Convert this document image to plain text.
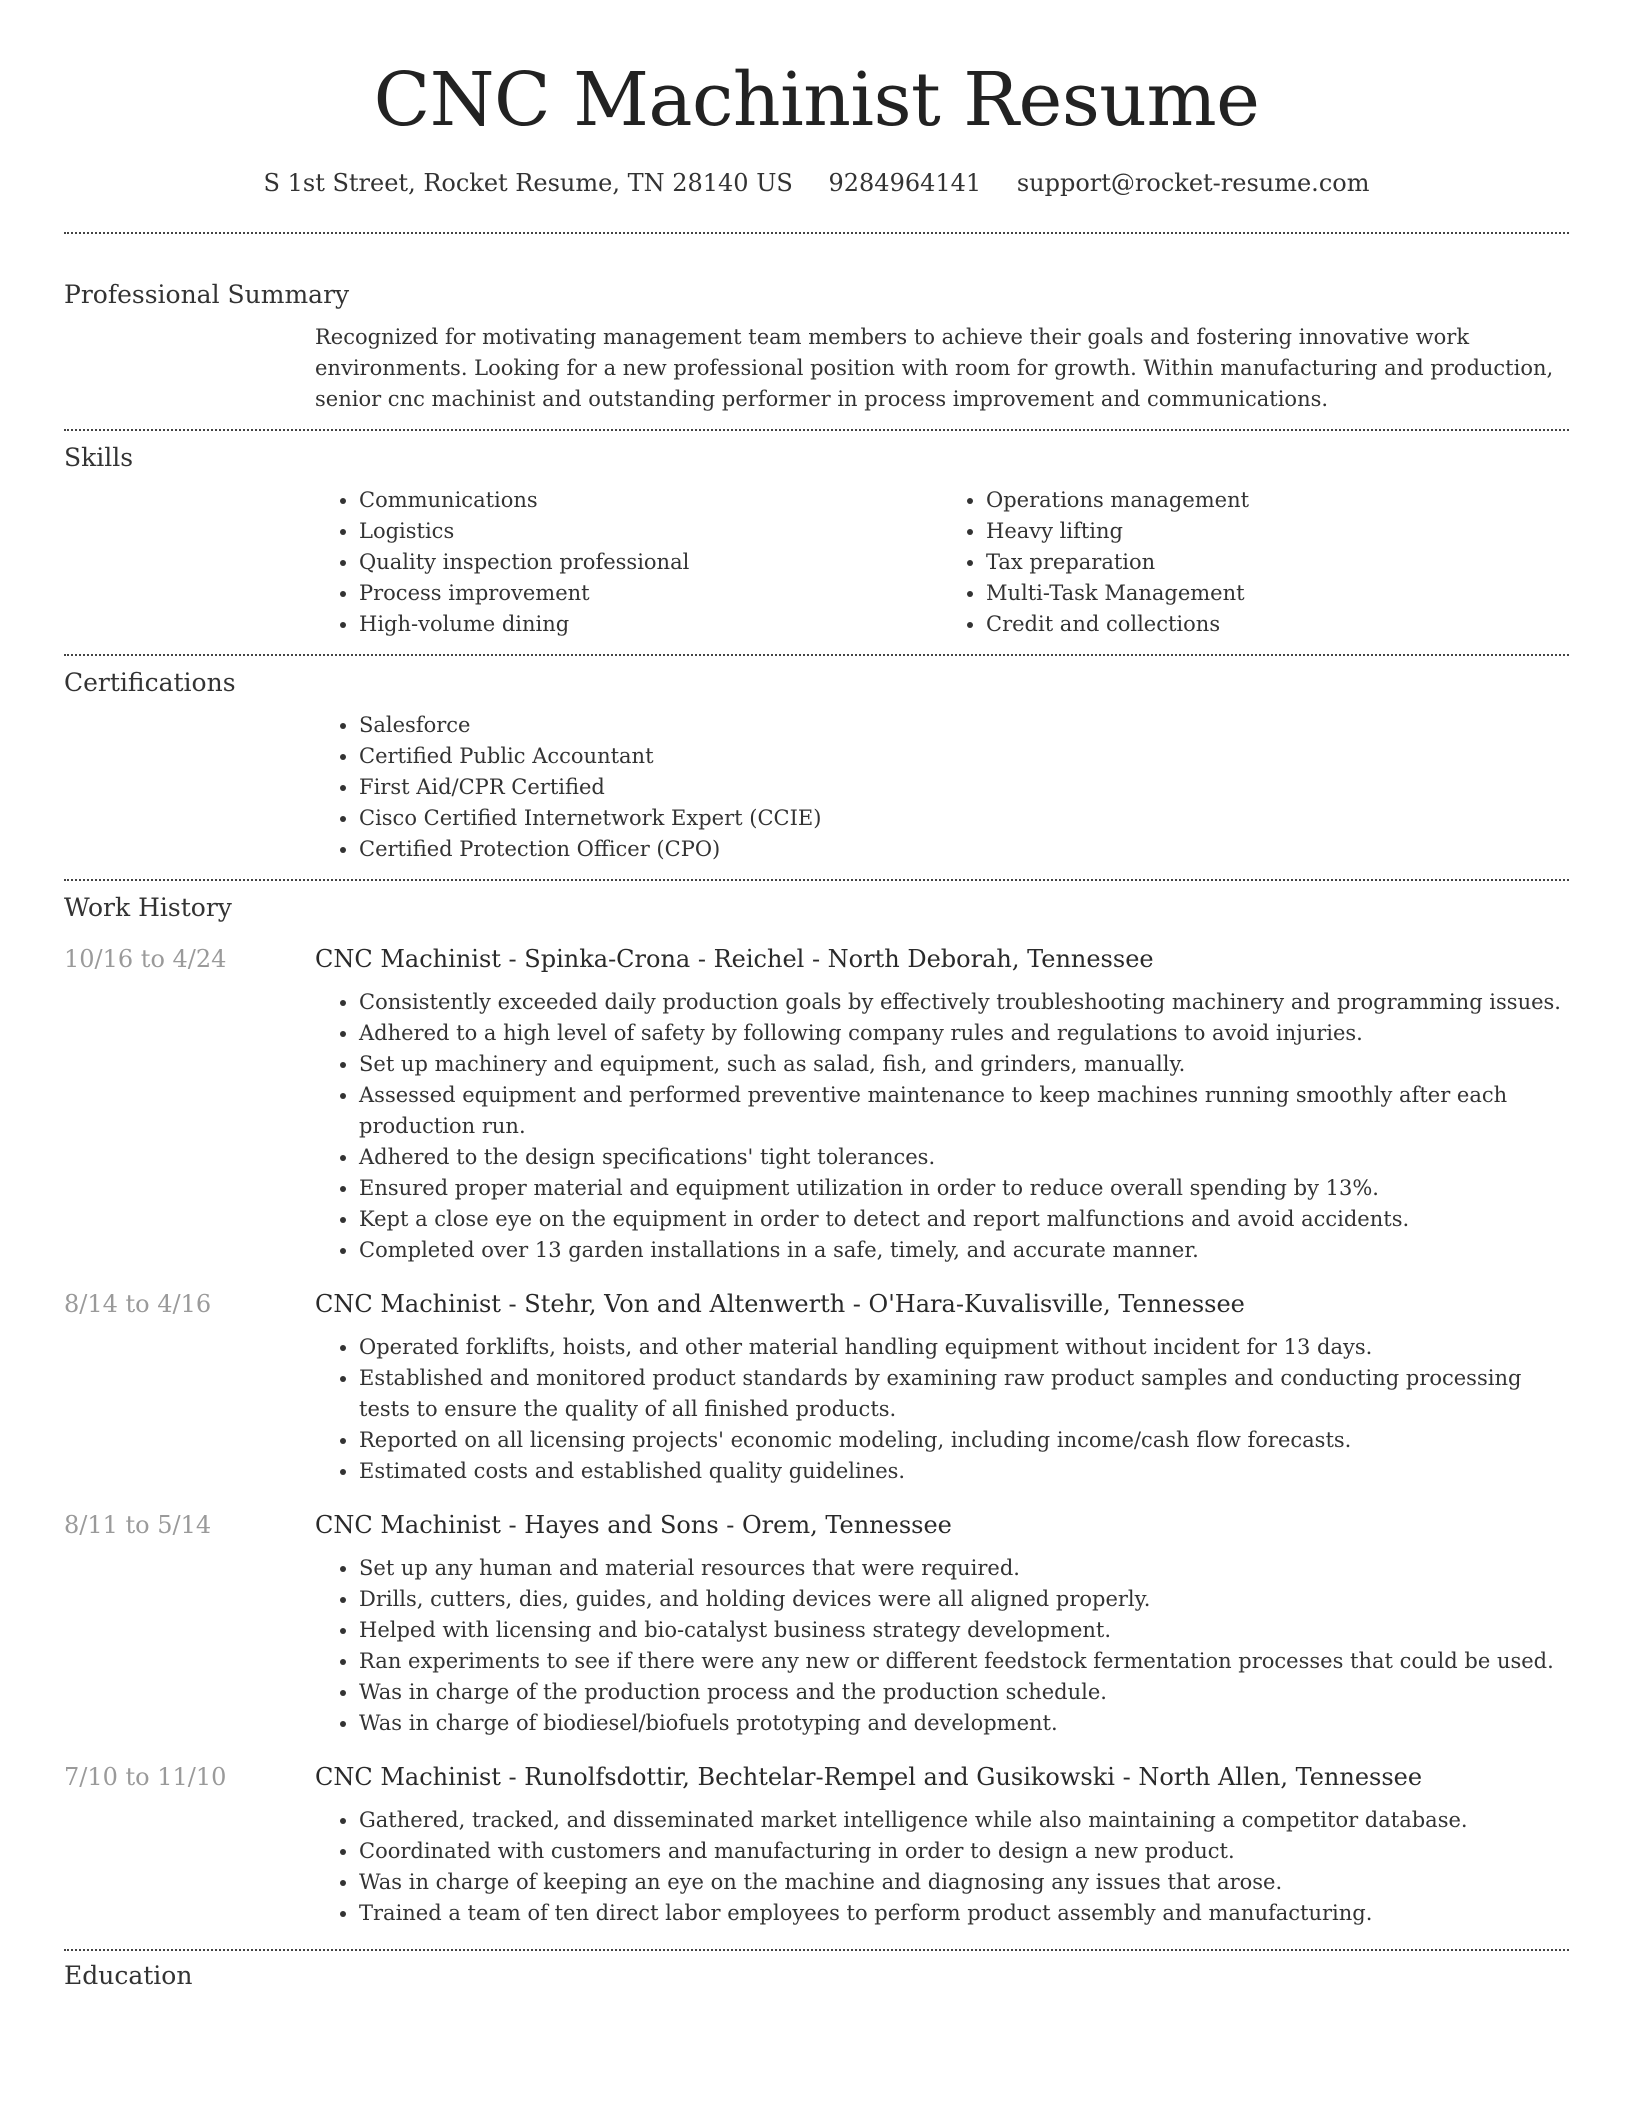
CNC Machinist Resume
S 1st Street, Rocket Resume, TN 28140 US 9284964141 support@rocket-resume.com
Professional Summary

Recognized for motivating management team members to achieve their goals and fostering innovative work environments. Looking for a new professional position with room for growth. Within manufacturing and production, senior cnc machinist and outstanding performer in process improvement and communications.

Skills
• Communications
• Logistics
• Quality inspection professional
• Process improvement
• High-volume dining
• Operations management
• Heavy lifting
• Tax preparation
• Multi-Task Management
• Credit and collections
Certifications
• Salesforce
• Certified Public Accountant
• First Aid/CPR Certified
• Cisco Certified Internetwork Expert (CCIE)
• Certified Protection Officer (CPO)
Work History
10/16 to 4/24	CNC Machinist - Spinka-Crona - Reichel - North Deborah, Tennessee
• Consistently exceeded daily production goals by effectively troubleshooting machinery and programming issues.
• Adhered to a high level of safety by following company rules and regulations to avoid injuries.
• Set up machinery and equipment, such as salad, fish, and grinders, manually.
• Assessed equipment and performed preventive maintenance to keep machines running smoothly after each production run.
• Adhered to the design specifications' tight tolerances.
• Ensured proper material and equipment utilization in order to reduce overall spending by 13%.
• Kept a close eye on the equipment in order to detect and report malfunctions and avoid accidents.
• Completed over 13 garden installations in a safe, timely, and accurate manner.
8/14 to 4/16	CNC Machinist - Stehr, Von and Altenwerth - O'Hara-Kuvalisville, Tennessee
• Operated forklifts, hoists, and other material handling equipment without incident for 13 days.
• Established and monitored product standards by examining raw product samples and conducting processing tests to ensure the quality of all finished products.
• Reported on all licensing projects' economic modeling, including income/cash flow forecasts.
• Estimated costs and established quality guidelines.
8/11 to 5/14	CNC Machinist - Hayes and Sons - Orem, Tennessee
• Set up any human and material resources that were required.
• Drills, cutters, dies, guides, and holding devices were all aligned properly.
• Helped with licensing and bio-catalyst business strategy development.
• Ran experiments to see if there were any new or different feedstock fermentation processes that could be used.
• Was in charge of the production process and the production schedule.
• Was in charge of biodiesel/biofuels prototyping and development.
7/10 to 11/10	CNC Machinist - Runolfsdottir, Bechtelar-Rempel and Gusikowski - North Allen, Tennessee
• Gathered, tracked, and disseminated market intelligence while also maintaining a competitor database.
• Coordinated with customers and manufacturing in order to design a new product.
• Was in charge of keeping an eye on the machine and diagnosing any issues that arose.
• Trained a team of ten direct labor employees to perform product assembly and manufacturing.
Education
